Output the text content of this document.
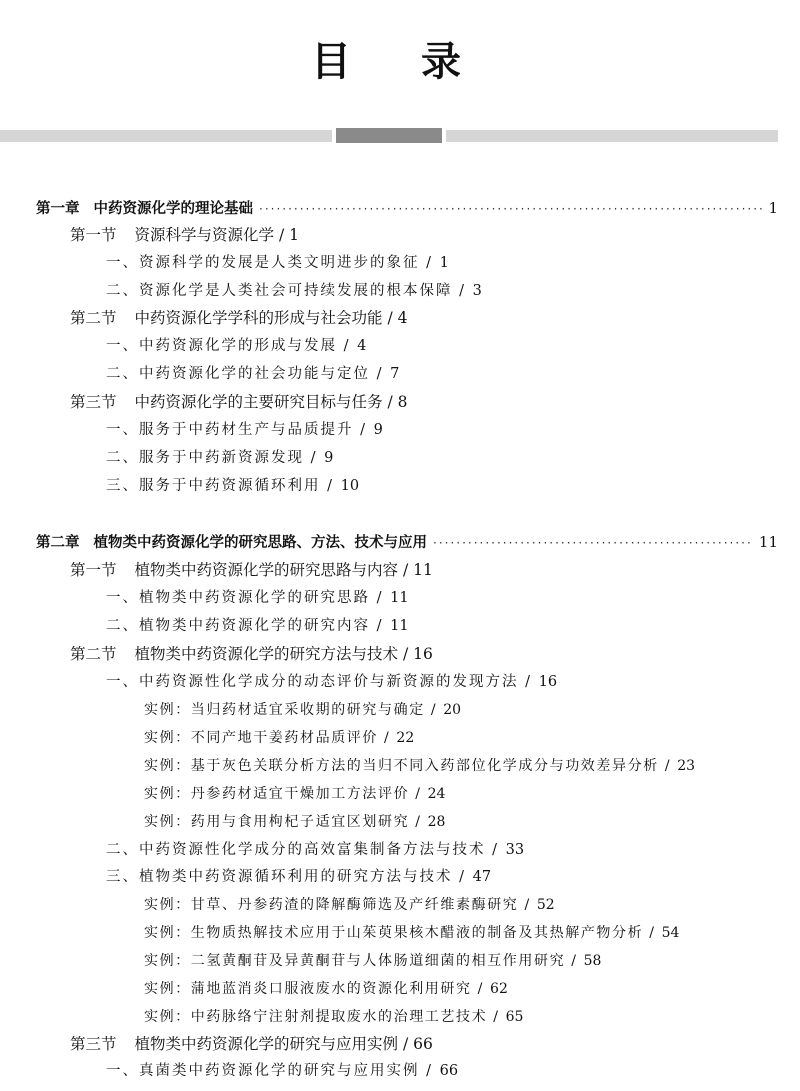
目 录
第一章 中药资源化学的理论基础 ·····	1
第一节 资源科学与资源化学 / 1
一、资源科学的发展是人类文明进步的象征 / 1
二、资源化学是人类社会可持续发展的根本保障 / 3
第二节 中药资源化学学科的形成与社会功能 / 4
一、中药资源化学的形成与发展 / 4
二、中药资源化学的社会功能与定位 / 7
第三节 中药资源化学的主要研究目标与任务 / 8
一、服务于中药材生产与品质提升 / 9
二、服务于中药新资源发现 / 9
三、服务于中药资源循环利用 / 10
第二章 植物类中药资源化学的研究思路、方法、技术与应用 ·····	11
第一节 植物类中药资源化学的研究思路与内容 / 11
一、植物类中药资源化学的研究思路 / 11
二、植物类中药资源化学的研究内容 / 11
第二节 植物类中药资源化学的研究方法与技术 / 16
一、中药资源性化学成分的动态评价与新资源的发现方法 / 16
实例：当归药材适宜采收期的研究与确定 / 20
实例：不同产地干姜药材品质评价 / 22
实例：基于灰色关联分析方法的当归不同入药部位化学成分与功效差异分析 / 23
实例：丹参药材适宜干燥加工方法评价 / 24
实例：药用与食用枸杞子适宜区划研究 / 28
二、中药资源性化学成分的高效富集制备方法与技术 / 33
三、植物类中药资源循环利用的研究方法与技术 / 47
实例：甘草、丹参药渣的降解酶筛选及产纤维素酶研究 / 52
实例：生物质热解技术应用于山茱萸果核木醋液的制备及其热解产物分析 / 54
实例：二氢黄酮苷及异黄酮苷与人体肠道细菌的相互作用研究 / 58
实例：蒲地蓝消炎口服液废水的资源化利用研究 / 62
实例：中药脉络宁注射剂提取废水的治理工艺技术 / 65
第三节 植物类中药资源化学的研究与应用实例 / 66
一、真菌类中药资源化学的研究与应用实例 / 66
